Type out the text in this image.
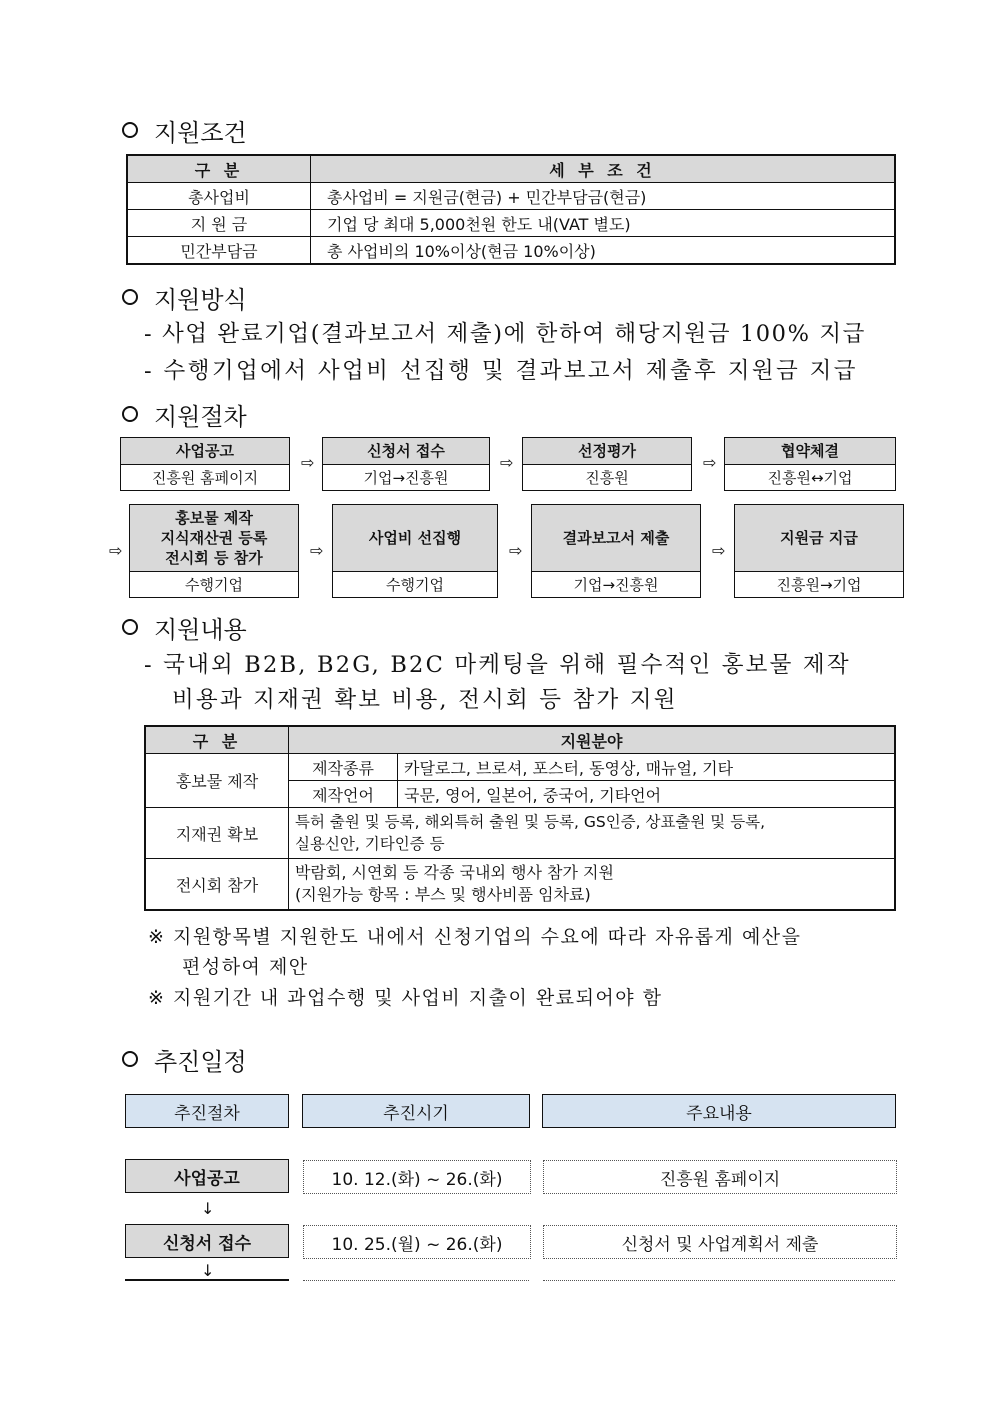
지원조건
구 분	세 부 조 건
총사업비	총사업비 = 지원금(현금) + 민간부담금(현금)
지 원 금	기업 당 최대 5,000천원 한도 내(VAT 별도)
민간부담금	총 사업비의 10%이상(현금 10%이상)
지원방식
- 사업 완료기업(결과보고서 제출)에 한하여 해당지원금 100% 지급
- 수행기업에서 사업비 선집행 및 결과보고서 제출후 지원금 지급
지원절차
사업공고
진흥원 홈페이지
⇨
신청서 접수
기업→진흥원
⇨
선정평가
진흥원
⇨
협약체결
진흥원↔기업
⇨
홍보물 제작
지식재산권 등록
전시회 등 참가
수행기업
⇨
사업비 선집행
수행기업
⇨
결과보고서 제출
기업→진흥원
⇨
지원금 지급
진흥원→기업
지원내용
- 국내외 B2B, B2G, B2C 마케팅을 위해 필수적인 홍보물 제작
비용과 지재권 확보 비용, 전시회 등 참가 지원
구 분	지원분야	
홍보물 제작	제작종류	카달로그, 브로셔, 포스터, 동영상, 매뉴얼, 기타
	제작언어	국문, 영어, 일본어, 중국어, 기타언어
지재권 확보	특허 출원 및 등록, 해외특허 출원 및 등록, GS인증, 상표출원 및 등록,
실용신안, 기타인증 등	

전시회 참가	박람회, 시연회 등 각종 국내외 행사 참가 지원
(지원가능 항목 : 부스 및 행사비품 임차료)	
※ 지원항목별 지원한도 내에서 신청기업의 수요에 따라 자유롭게 예산을
편성하여 제안
※ 지원기간 내 과업수행 및 사업비 지출이 완료되어야 함
추진일정
추진절차	추진시기	주요내용
사업공고	10. 12.(화) ~ 26.(화)	진흥원 홈페이지
↓
신청서 접수	10. 25.(월) ~ 26.(화)	신청서 및 사업계획서 제출
↓
